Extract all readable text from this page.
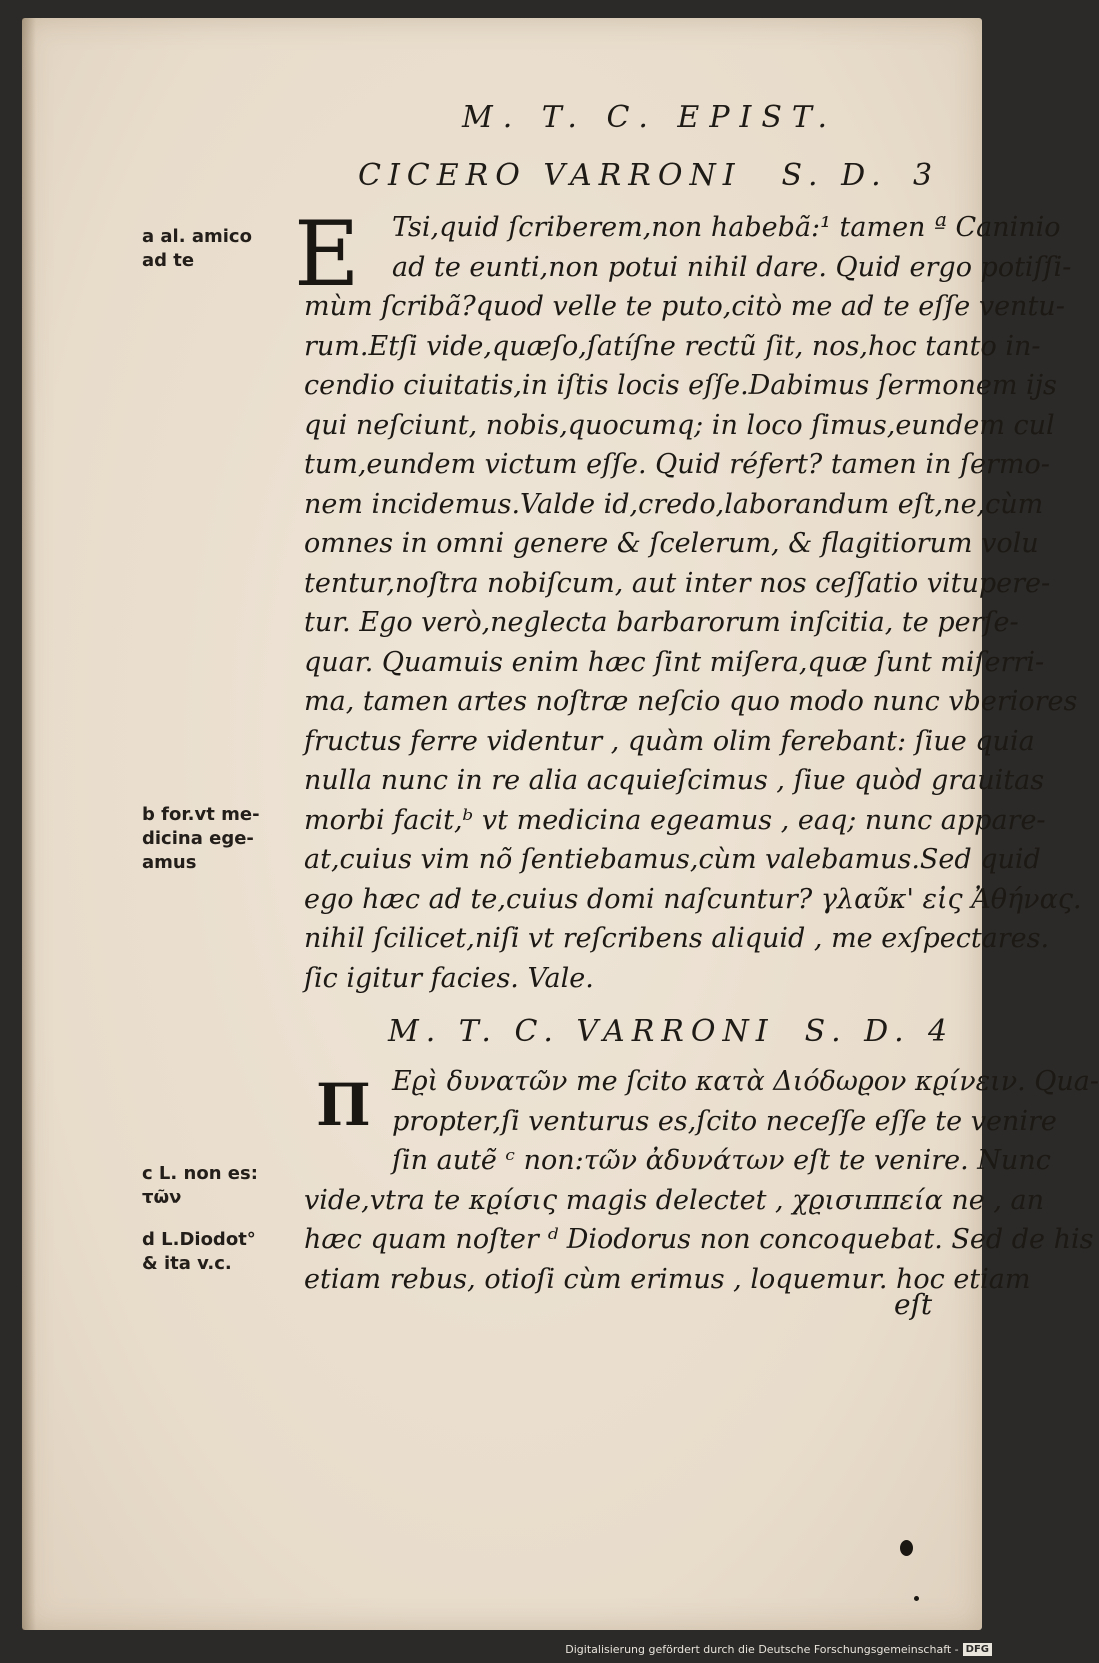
M. T. C. EPIST.
CICERO VARRONI S. D. 3
E	Tsi,quid ſcriberem,non habebã:¹ tamen ª Caninio
ad te eunti,non potui nihil dare. Quid ergo potiſſi-
mùm ſcribã?quod velle te puto,citò me ad te eſſe ventu-
rum.Etſi vide,quæſo,ſatíſne rectũ ſit, nos,hoc tanto in-
cendio ciuitatis,in iſtis locis eſſe.Dabimus ſermonem ijs
qui neſciunt, nobis,quocumq; in loco ſimus,eundem cul
tum,eundem victum eſſe. Quid réfert? tamen in ſermo-
nem incidemus.Valde id,credo,laborandum eſt,ne,cùm
omnes in omni genere & ſcelerum, & flagitiorum volu
tentur,noſtra nobiſcum, aut inter nos ceſſatio vitupere-
tur. Ego verò,neglecta barbarorum inſcitia, te perſe-
quar. Quamuis enim hæc ſint miſera,quæ ſunt miſerri-
ma, tamen artes noſtræ neſcio quo modo nunc vberiores
fructus ferre videntur , quàm olim ferebant: ſiue quia
nulla nunc in re alia acquieſcimus , ſiue quòd grauitas
morbi facit,ᵇ vt medicina egeamus , eaq; nunc appare-
at,cuius vim nõ ſentiebamus,cùm valebamus.Sed quid
ego hæc ad te,cuius domi naſcuntur? γλαῦκ' εἰς Ἀθήνας.
nihil ſcilicet,niſi vt reſcribens aliquid , me exſpectares.
ſic igitur facies. Vale.
M. T. C. VARRONI S. D. 4
Π Εϱὶ δυνατῶν me ſcito κατὰ Διόδωϱον κϱίνειν. Qua-
propter,ſi venturus es,ſcito neceſſe eſſe te venire
ſin autẽ ᶜ non:τῶν ἀδυνάτων eſt te venire. Nunc
vide,vtra te κϱίσις magis delectet , χϱισιππεία ne , an
hæc quam noſter ᵈ Diodorus non concoquebat. Sed de his
etiam rebus, otioſi cùm erimus , loquemur. hoc etiam
eſt
a al. amico
ad te
b for.vt me-
dicina ege-
amus
c L. non es:
τῶν
d L.Diodot°
& ita v.c.
Digitalisierung gefördert durch die Deutsche Forschungsgemeinschaft - DFG
